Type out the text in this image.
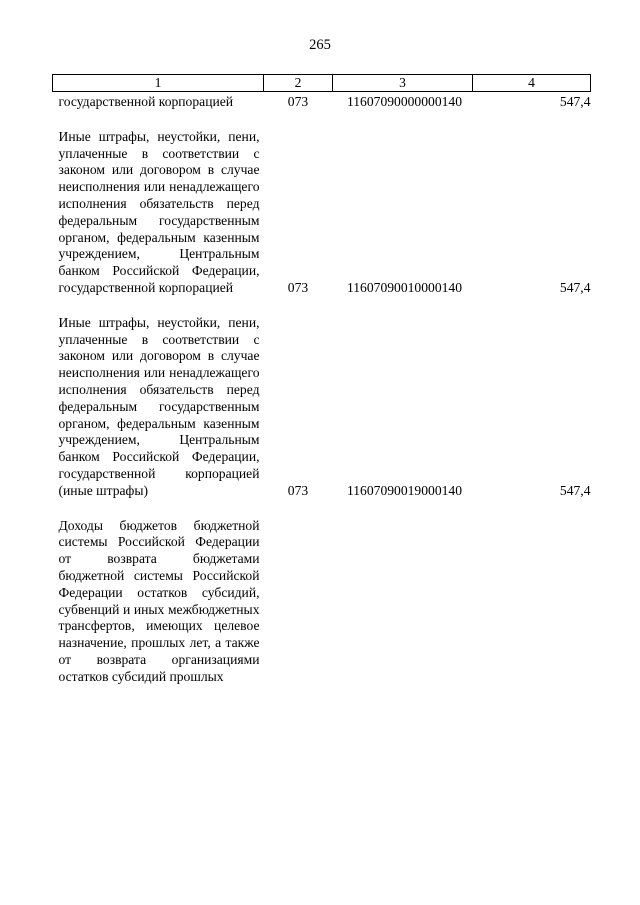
265
1	2	3	4

государственной корпорацией	073	11607090000000140	547,4

Иные штрафы, неустойки, пени, уплаченные в соответствии с законом или договором в случае неисполнения или ненадлежащего исполнения обязательств перед федеральным государственным органом, федеральным казенным учреждением, Центральным банком Российской Федерации, государственной корпорацией	073	11607090010000140	547,4

Иные штрафы, неустойки, пени, уплаченные в соответствии с законом или договором в случае неисполнения или ненадлежащего исполнения обязательств перед федеральным государственным органом, федеральным казенным учреждением, Центральным банком Российской Федерации, государственной корпорацией (иные штрафы)	073	11607090019000140	547,4

Доходы бюджетов бюджетной системы Российской Федерации от возврата бюджетами бюджетной системы Российской Федерации остатков субсидий, субвенций и иных межбюджетных трансфертов, имеющих целевое назначение, прошлых лет, а также от возврата организациями остатков субсидий прошлых			
